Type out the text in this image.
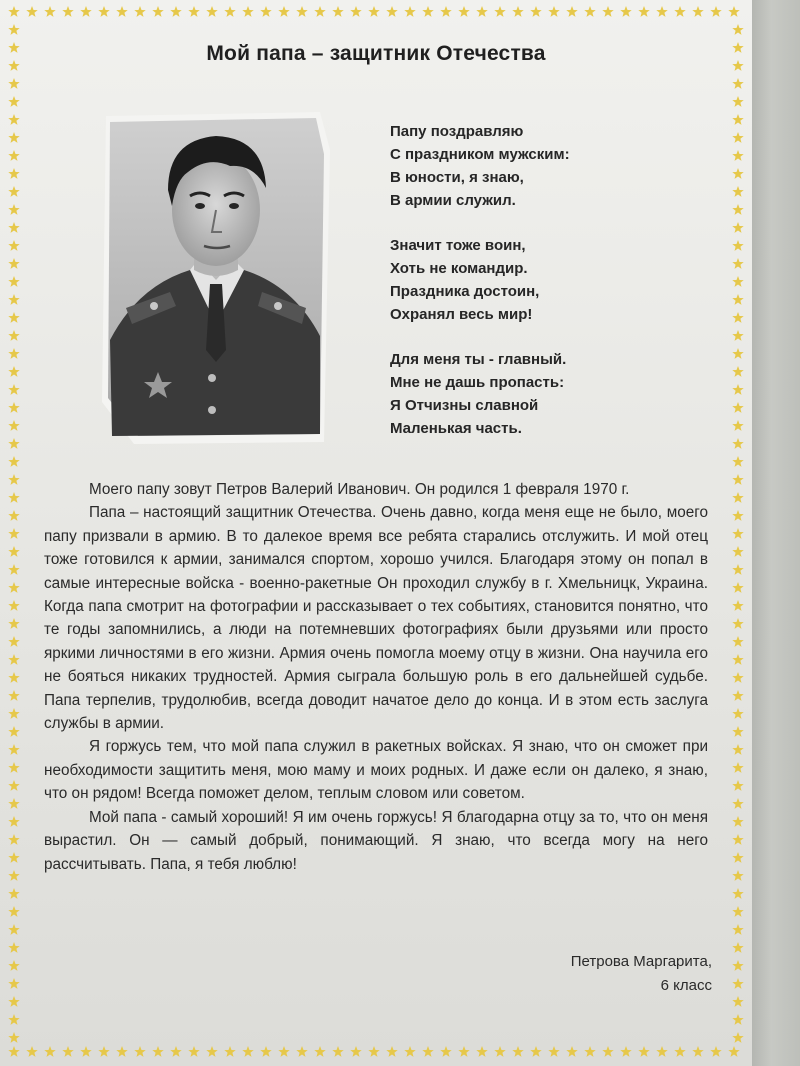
Мой папа – защитник Отечества
Папу поздравляю
С праздником мужским:
В юности, я знаю,
В армии служил.
Значит тоже воин,
Хоть не командир.
Праздника достоин,
Охранял весь мир!
Для меня ты - главный.
Мне не дашь пропасть:
Я Отчизны славной
Маленькая часть.

Моего папу зовут Петров Валерий Иванович. Он родился 1 февраля 1970 г.

Папа – настоящий защитник Отечества. Очень давно, когда меня еще не было, моего папу призвали в армию. В то далекое время все ребята старались отслужить. И мой отец тоже готовился к армии, занимался спортом, хорошо учился. Благодаря этому он попал в самые интересные войска - военно-ракетные Он проходил службу в г. Хмельницк, Украина. Когда папа смотрит на фотографии и рассказывает о тех событиях, становится понятно, что те годы запомнились, а люди на потемневших фотографиях были друзьями или просто яркими личностями в его жизни. Армия очень помогла моему отцу в жизни. Она научила его не бояться никаких трудностей. Армия сыграла большую роль в его дальнейшей судьбе. Папа терпелив, трудолюбив, всегда доводит начатое дело до конца. И в этом есть заслуга службы в армии.

Я горжусь тем, что мой папа служил в ракетных войсках. Я знаю, что он сможет при необходимости защитить меня, мою маму и моих родных. И даже если он далеко, я знаю, что он рядом! Всегда поможет делом, теплым словом или советом.

Мой папа - самый хороший! Я им очень горжусь! Я благодарна отцу за то, что он меня вырастил. Он — самый добрый, понимающий. Я знаю, что всегда могу на него рассчитывать. Папа, я тебя люблю!

Петрова Маргарита,
6 класс
